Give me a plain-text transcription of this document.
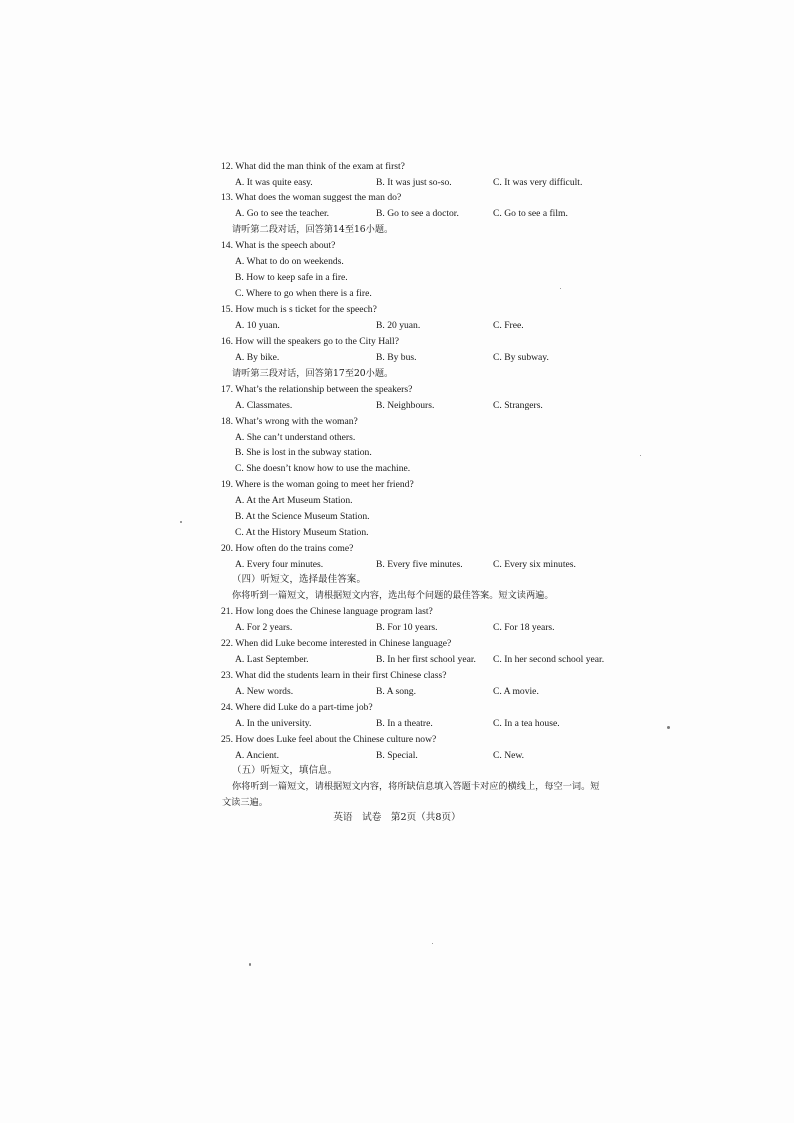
12. What did the man think of the exam at first?
A. It was quite easy.	B. It was just so-so.	C. It was very difficult.
13. What does the woman suggest the man do?
A. Go to see the teacher.	B. Go to see a doctor.	C. Go to see a film.
请听第二段对话，回答第14至16小题。
14. What is the speech about?
A. What to do on weekends.
B. How to keep safe in a fire.
C. Where to go when there is a fire.
15. How much is s ticket for the speech?
A. 10 yuan.	B. 20 yuan.	C. Free.
16. How will the speakers go to the City Hall?
A. By bike.	B. By bus.	C. By subway.
请听第三段对话，回答第17至20小题。
17. What’s the relationship between the speakers?
A. Classmates.	B. Neighbours.	C. Strangers.
18. What’s wrong with the woman?
A. She can’t understand others.
B. She is lost in the subway station.
C. She doesn’t know how to use the machine.
19. Where is the woman going to meet her friend?
A. At the Art Museum Station.
B. At the Science Museum Station.
C. At the History Museum Station.
20. How often do the trains come?
A. Every four minutes.	B. Every five minutes.	C. Every six minutes.
（四）听短文，选择最佳答案。
你将听到一篇短文，请根据短文内容，选出每个问题的最佳答案。短文读两遍。
21. How long does the Chinese language program last?
A. For 2 years.	B. For 10 years.	C. For 18 years.
22. When did Luke become interested in Chinese language?
A. Last September.	B. In her first school year. C. In her second school year.
23. What did the students learn in their first Chinese class?
A. New words.	B. A song.	C. A movie.
24. Where did Luke do a part-time job?
A. In the university.	B. In a theatre.	C. In a tea house.
25. How does Luke feel about the Chinese culture now?
A. Ancient.	B. Special.	C. New.
（五）听短文，填信息。
你将听到一篇短文，请根据短文内容，将所缺信息填入答题卡对应的横线上，每空一词。短
文读三遍。
英语　试卷　第2页（共8页）
